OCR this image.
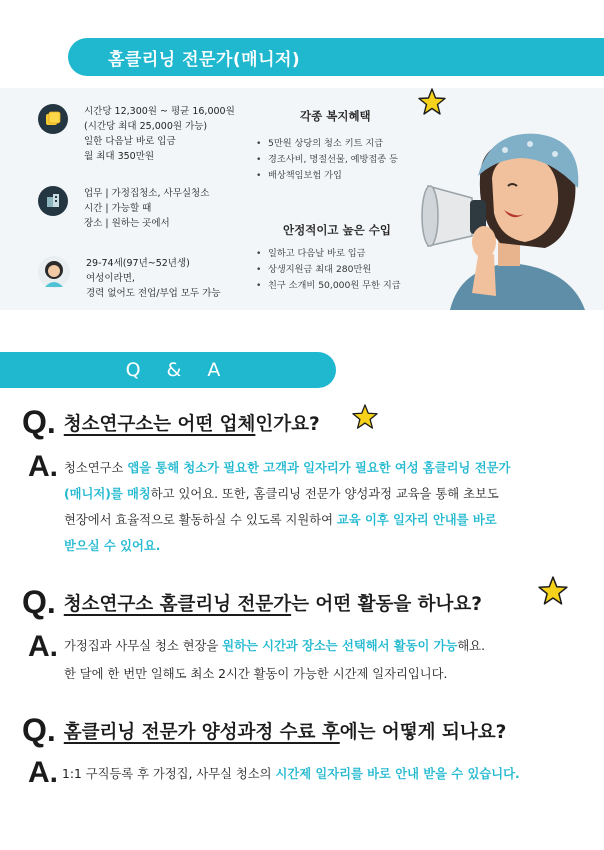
홈클리닝 전문가(매니저)
시간당 12,300원 ~ 평균 16,000원
(시간당 최대 25,000원 가능)
일한 다음날 바로 입금
월 최대 350만원
업무 | 가정집청소, 사무실청소
시간 | 가능할 때
장소 | 원하는 곳에서
29-74세(97년~52년생)
여성이라면,
경력 없어도 전업/부업 모두 가능
각종 복지혜택
• 5만원 상당의 청소 키트 지급
• 경조사비, 명절선물, 예방접종 등
• 배상책임보험 가입
안정적이고 높은 수입
• 일하고 다음날 바로 입금
• 상생지원금 최대 280만원
• 친구 소개비 50,000원 무한 지급
Q & A
Q. 청소연구소는 어떤 업체인가요?
A. 청소연구소 앱을 통해 청소가 필요한 고객과 일자리가 필요한 여성 홈클리닝 전문가
(매니저)를 매칭하고 있어요. 또한, 홈클리닝 전문가 양성과정 교육을 통해 초보도
현장에서 효율적으로 활동하실 수 있도록 지원하여 교육 이후 일자리 안내를 바로
받으실 수 있어요.
Q. 청소연구소 홈클리닝 전문가는 어떤 활동을 하나요?
A. 가정집과 사무실 청소 현장을 원하는 시간과 장소는 선택해서 활동이 가능해요.
한 달에 한 번만 일해도 최소 2시간 활동이 가능한 시간제 일자리입니다.
Q. 홈클리닝 전문가 양성과정 수료 후에는 어떻게 되나요?
A. 1:1 구직등록 후 가정집, 사무실 청소의 시간제 일자리를 바로 안내 받을 수 있습니다.
